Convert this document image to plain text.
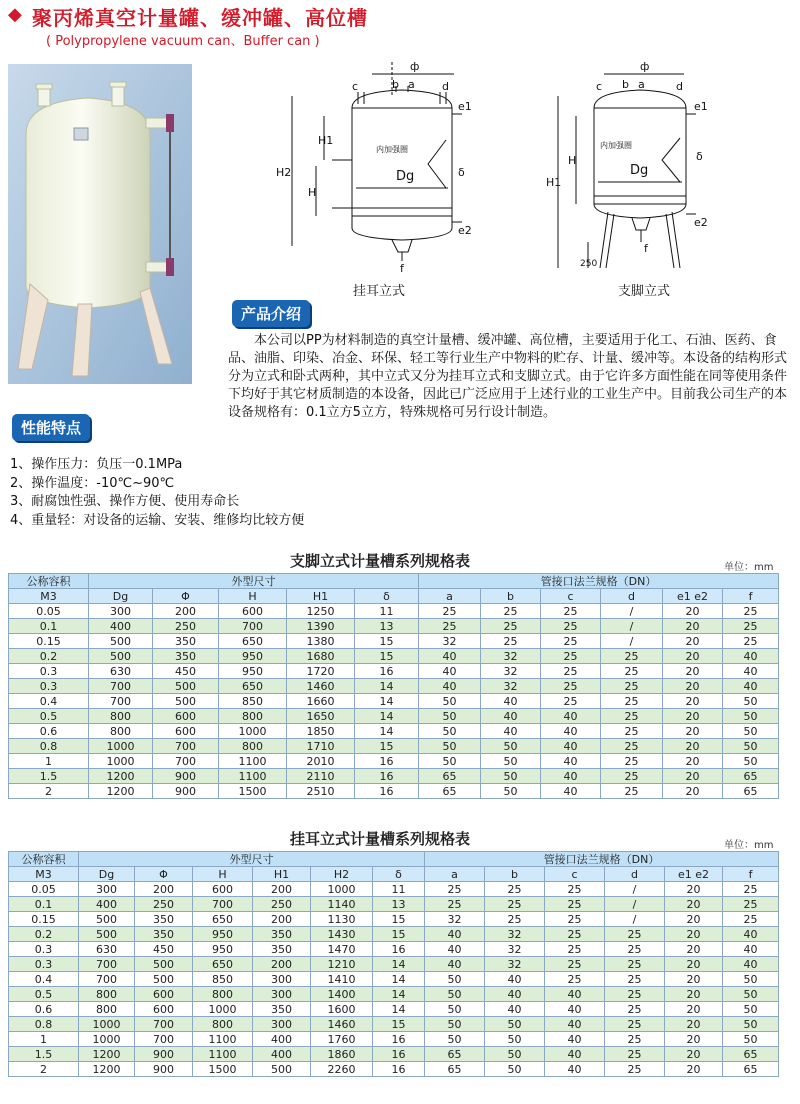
◆ 聚丙烯真空计量罐、缓冲罐、高位槽
( Polypropylene vacuum can、Buffer can )
ф
b a
c	d
e1
e2
f
H
H1
H2
内加强圈
δ
Dg
挂耳立式
ф
b a
c	d
e1
e2
f
H
H1
250
内加强圈
δ
Dg
支脚立式
产品介绍
本公司以PP为材料制造的真空计量槽、缓冲罐、高位槽，主要适用于化工、石油、医药、食品、油脂、印染、冶金、环保、轻工等行业生产中物料的贮存、计量、缓冲等。本设备的结构形式分为立式和卧式两种，其中立式又分为挂耳立式和支脚立式。由于它许多方面性能在同等使用条件下均好于其它材质制造的本设备，因此已广泛应用于上述行业的工业生产中。目前我公司生产的本设备规格有：0.1立方5立方，特殊规格可另行设计制造。
性能特点
1、操作压力：负压一0.1MPa
2、操作温度：-10℃~90℃
3、耐腐蚀性强、操作方便、使用寿命长
4、重量轻：对设备的运输、安装、维修均比较方便
支脚立式计量槽系列规格表	单位：mm
公称容积	外型尺寸					管接口法兰规格（DN）					
M3	Dg	Φ	H	H1	δ	a	b	c	d	e1 e2	f
0.05	300	200	600	1250	11	25	25	25	/	20	25
0.1	400	250	700	1390	13	25	25	25	/	20	25
0.15	500	350	650	1380	15	32	25	25	/	20	25
0.2	500	350	950	1680	15	40	32	25	25	20	40
0.3	630	450	950	1720	16	40	32	25	25	20	40
0.3	700	500	650	1460	14	40	32	25	25	20	40
0.4	700	500	850	1660	14	50	40	25	25	20	50
0.5	800	600	800	1650	14	50	40	40	25	20	50
0.6	800	600	1000	1850	14	50	40	40	25	20	50
0.8	1000	700	800	1710	15	50	50	40	25	20	50
1	1000	700	1100	2010	16	50	50	40	25	20	50
1.5	1200	900	1100	2110	16	65	50	40	25	20	65
2	1200	900	1500	2510	16	65	50	40	25	20	65
挂耳立式计量槽系列规格表	单位：mm
公称容积	外型尺寸						管接口法兰规格（DN）					
M3	Dg	Φ	H	H1	H2	δ	a	b	c	d	e1 e2	f
0.05	300	200	600	200	1000	11	25	25	25	/	20	25
0.1	400	250	700	250	1140	13	25	25	25	/	20	25
0.15	500	350	650	200	1130	15	32	25	25	/	20	25
0.2	500	350	950	350	1430	15	40	32	25	25	20	40
0.3	630	450	950	350	1470	16	40	32	25	25	20	40
0.3	700	500	650	200	1210	14	40	32	25	25	20	40
0.4	700	500	850	300	1410	14	50	40	25	25	20	50
0.5	800	600	800	300	1400	14	50	40	40	25	20	50
0.6	800	600	1000	350	1600	14	50	40	40	25	20	50
0.8	1000	700	800	300	1460	15	50	50	40	25	20	50
1	1000	700	1100	400	1760	16	50	50	40	25	20	50
1.5	1200	900	1100	400	1860	16	65	50	40	25	20	65
2	1200	900	1500	500	2260	16	65	50	40	25	20	65
